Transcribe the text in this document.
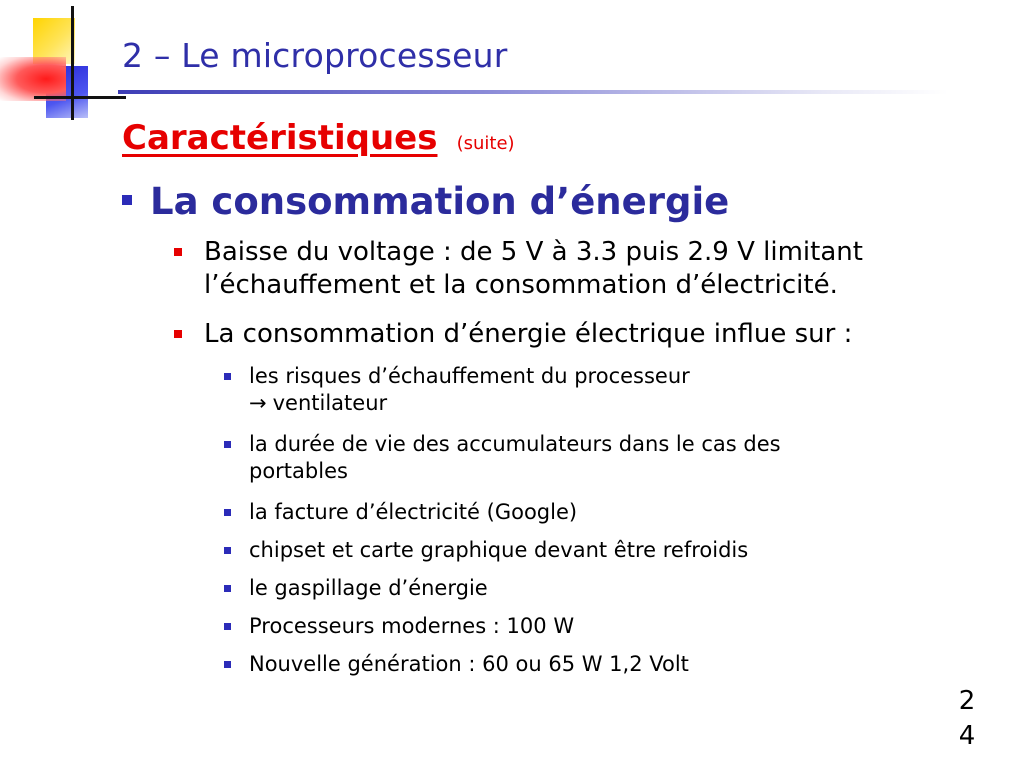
2 – Le microprocesseur
Caractéristiques (suite)
La consommation d’énergie
Baisse du voltage : de 5 V à 3.3 puis 2.9 V limitant
l’échauffement et la consommation d’électricité.
La consommation d’énergie électrique influe sur :
les risques d’échauffement du processeur
→ ventilateur
la durée de vie des accumulateurs dans le cas des
portables
la facture d’électricité (Google)
chipset et carte graphique devant être refroidis
le gaspillage d’énergie
Processeurs modernes : 100 W
Nouvelle génération : 60 ou 65 W 1,2 Volt
2
4
